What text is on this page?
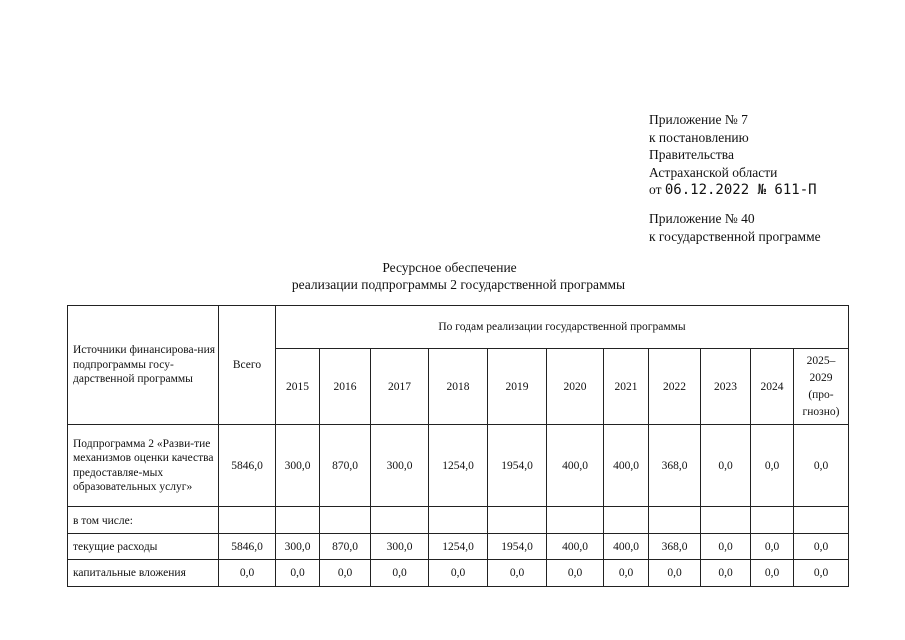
Приложение № 7
к постановлению
Правительства
Астраханской области
от 06.12.2022 № 611-П
Приложение № 40
к государственной программе
Ресурсное обеспечение
реализации подпрограммы 2 государственной программы
Источники финансирова-ния подпрограммы госу-дарственной программы	Всего	По годам реализации государственной программы										
		2015	2016	2017	2018	2019	2020	2021	2022	2023	2024	2025–2029 (про-гнозно)
Подпрограмма 2 «Разви-тие механизмов оценки качества предоставляе-мых образовательных услуг»	5846,0	300,0	870,0	300,0	1254,0	1954,0	400,0	400,0	368,0	0,0	0,0	0,0
в том числе:												
текущие расходы	5846,0	300,0	870,0	300,0	1254,0	1954,0	400,0	400,0	368,0	0,0	0,0	0,0
капитальные вложения	0,0	0,0	0,0	0,0	0,0	0,0	0,0	0,0	0,0	0,0	0,0	0,0
